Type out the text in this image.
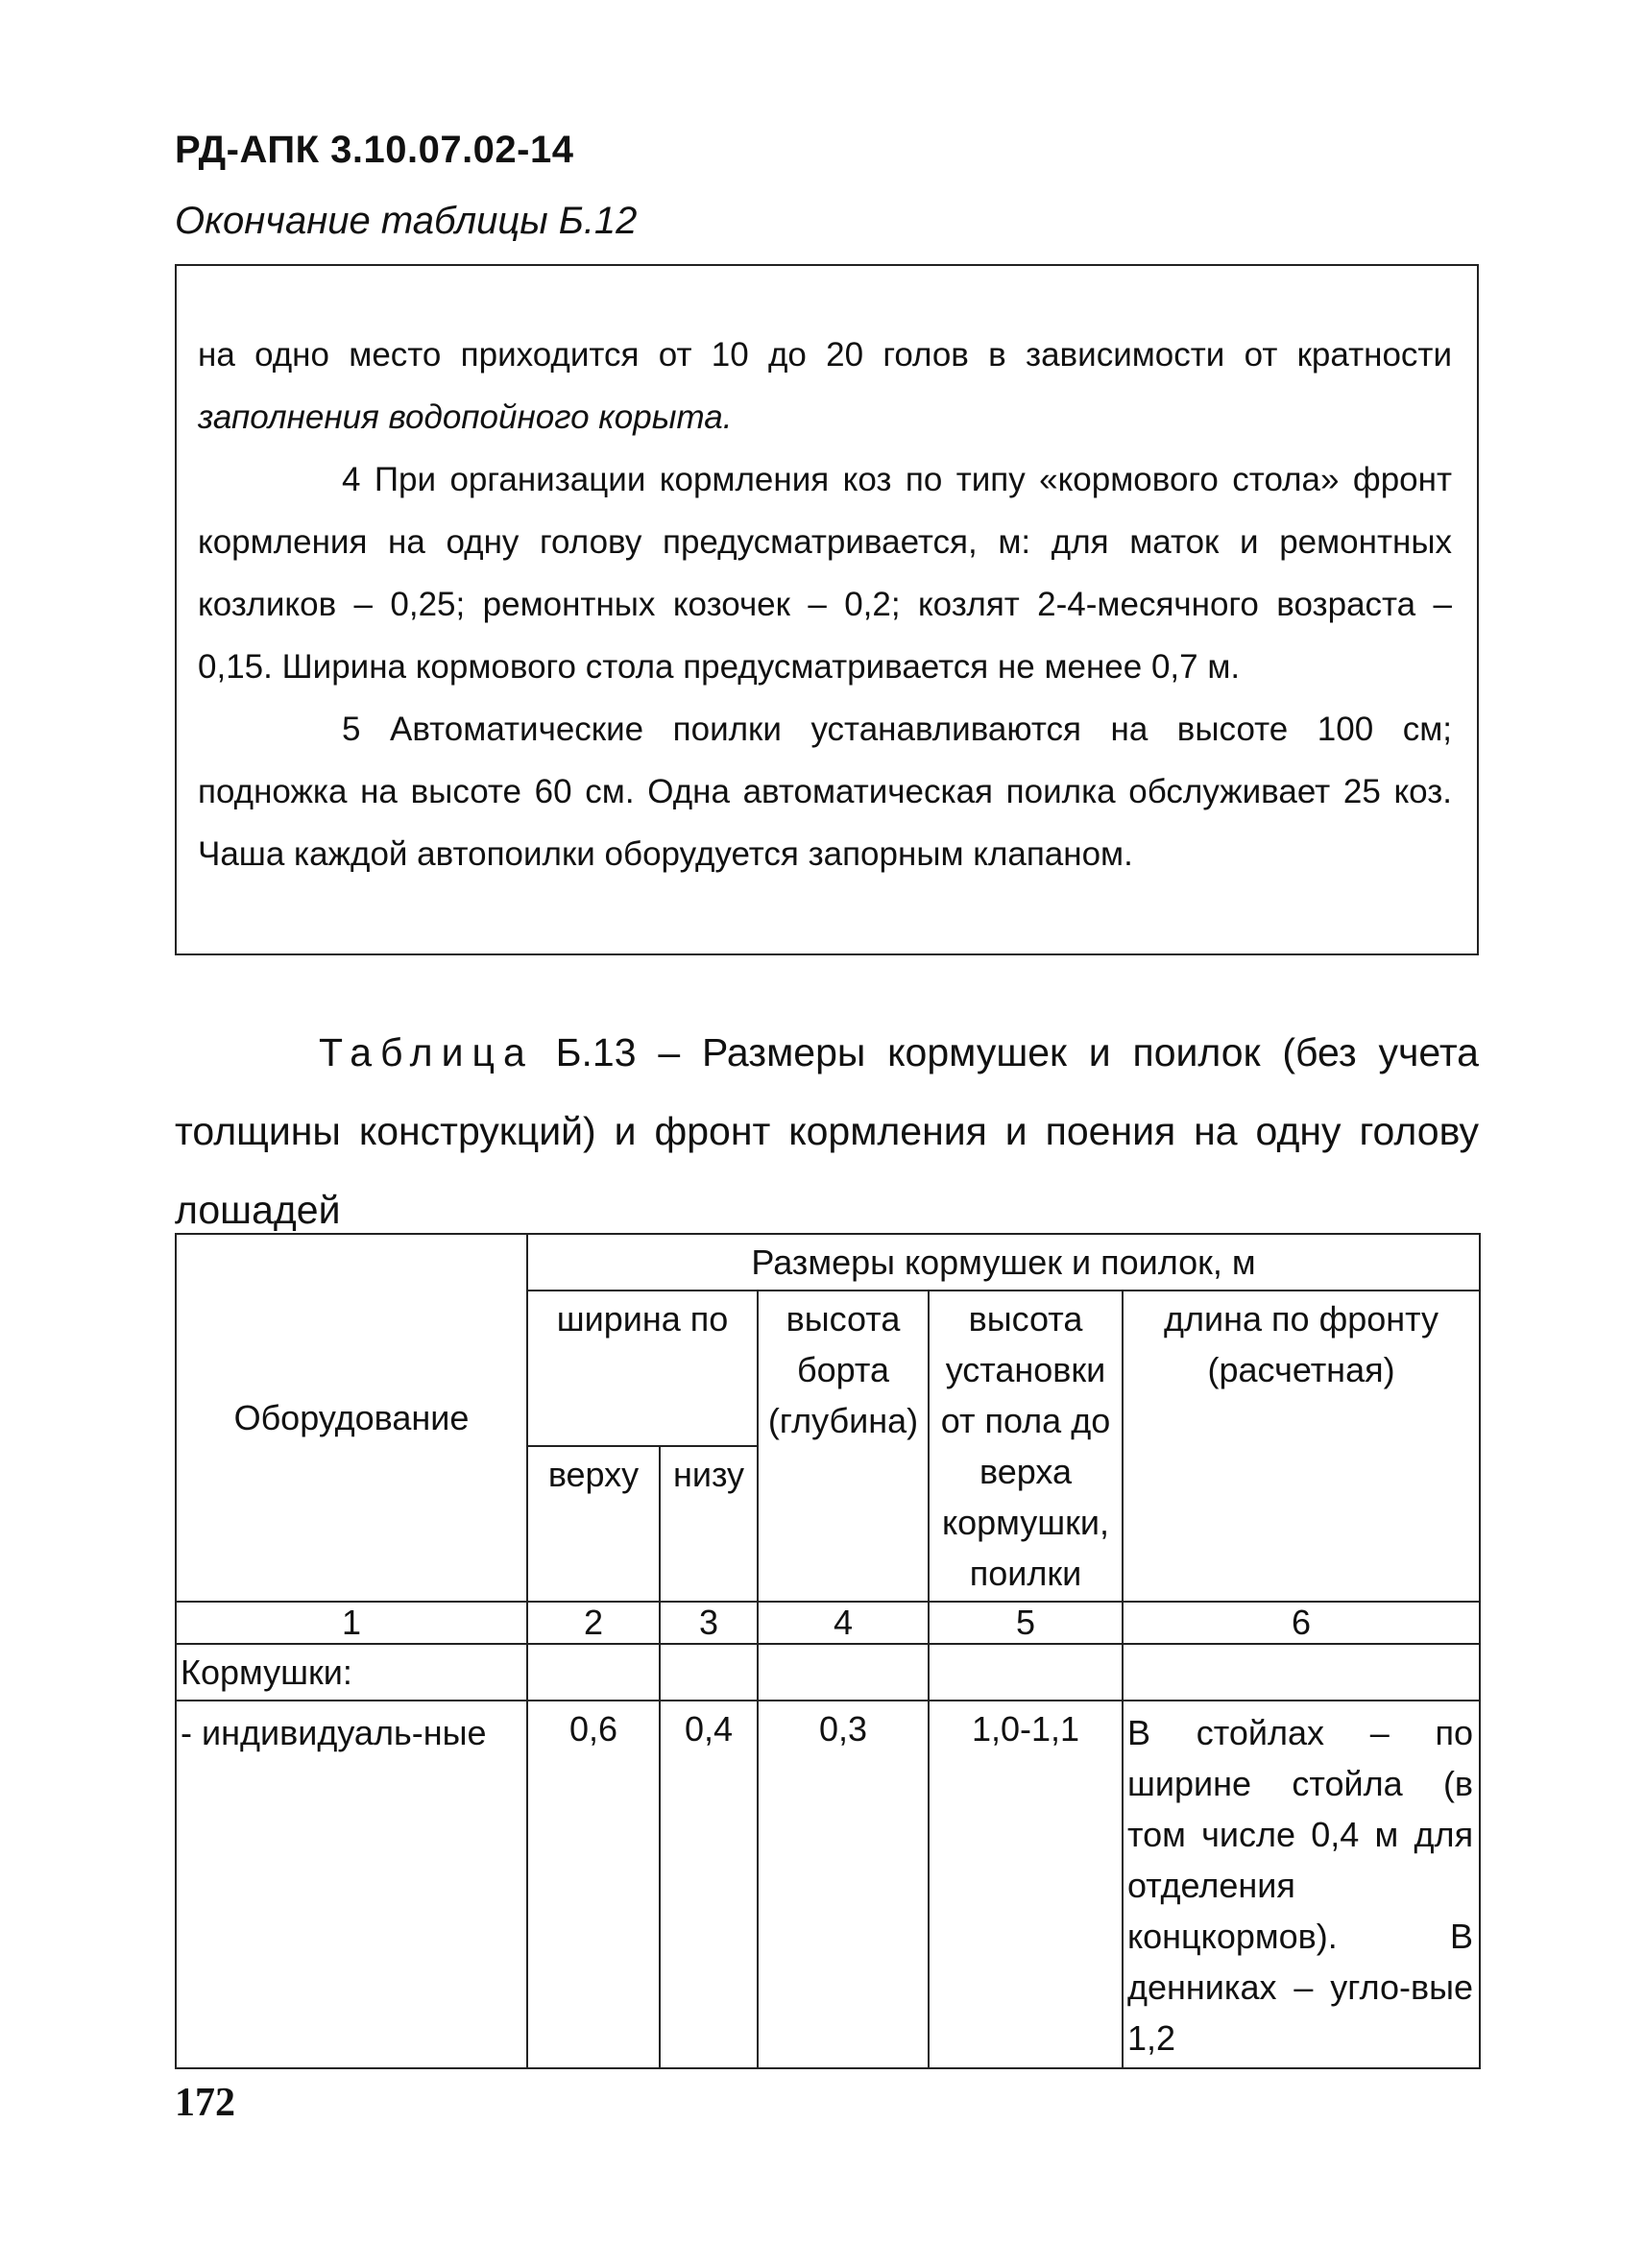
РД-АПК 3.10.07.02-14
Окончание таблицы Б.12

на одно место приходится от 10 до 20 голов в зависимости от кратности заполнения водопойного корыта.

4 При организации кормления коз по типу «кормового стола» фронт кормления на одну голову предусматривается, м: для маток и ремонтных козликов – 0,25; ремонтных козочек – 0,2; козлят 2-4-месячного возраста – 0,15. Ширина кормового стола предусматривается не менее 0,7 м.

5 Автоматические поилки устанавливаются на высоте 100 см; подножка на высоте 60 см. Одна автоматическая поилка обслуживает 25 коз. Чаша каждой автопоилки оборудуется запорным клапаном.

Таблица Б.13 – Размеры кормушек и поилок (без учета толщины конструкций) и фронт кормления и поения на одну голову лошадей
Оборудование	Размеры кормушек и поилок, м				
	ширина по		высота борта (глубина)	высота установки от пола до верха кормушки, поилки	длина по фронту (расчетная)
	верху	низу			
1	2	3	4	5	6
Кормушки:					
- индивидуаль-ные	0,6	0,4	0,3	1,0-1,1	В стойлах – по ширине стойла (в том числе 0,4 м для отделения концкормов). В денниках – угло-вые 1,2
172
